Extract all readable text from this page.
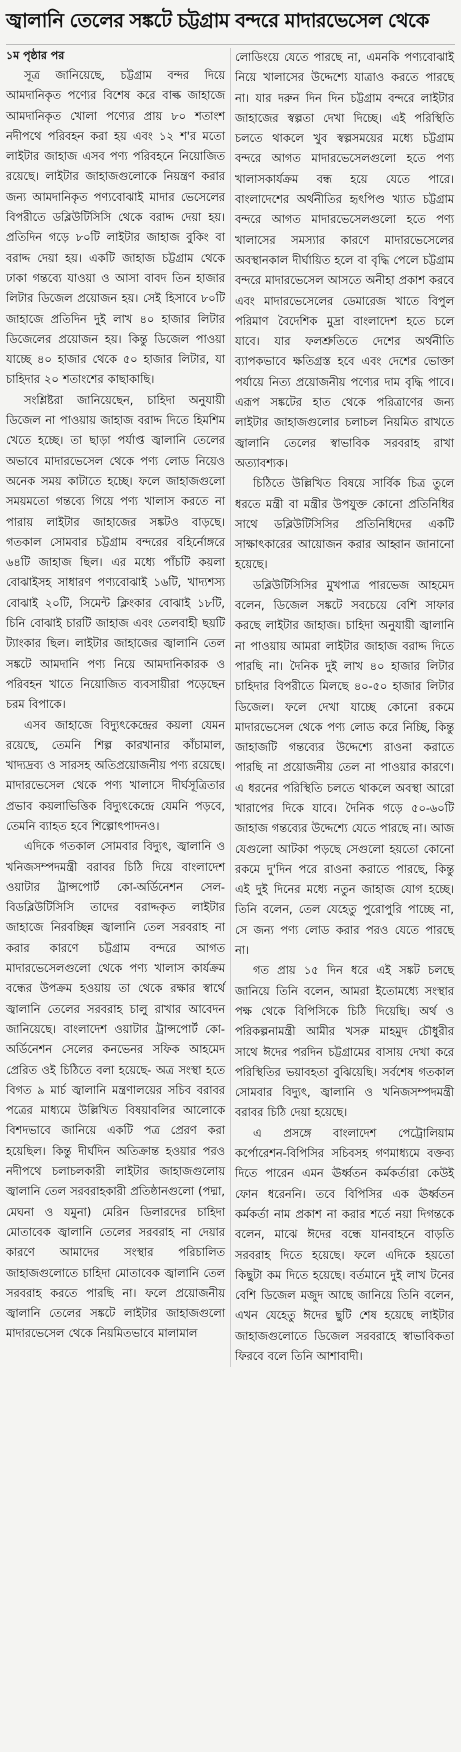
জ্বালানি তেলের সঙ্কটে চট্টগ্রাম বন্দরে মাদারভেসেল থেকে
১ম পৃষ্ঠার পর

সূত্র জানিয়েছে, চট্টগ্রাম বন্দর দিয়ে আমদানিকৃত পণ্যের বিশেষ করে বাল্ক জাহাজে আমদানিকৃত খোলা পণ্যের প্রায় ৮০ শতাংশ নদীপথে পরিবহন করা হয় এবং ১২ শ'র মতো লাইটার জাহাজ এসব পণ্য পরিবহনে নিয়োজিত রয়েছে। লাইটার জাহাজগুলোকে নিয়ন্ত্রণ করার জন্য আমদানিকৃত পণ্যবোঝাই মাদার ভেসেলের বিপরীতে ডব্লিউটিসিসি থেকে বরাদ্দ দেয়া হয়। প্রতিদিন গড়ে ৮০টি লাইটার জাহাজ বুকিং বা বরাদ্দ দেয়া হয়। একটি জাহাজ চট্টগ্রাম থেকে ঢাকা গন্তব্যে যাওয়া ও আসা বাবদ তিন হাজার লিটার ডিজেল প্রয়োজন হয়। সেই হিসাবে ৮০টি জাহাজে প্রতিদিন দুই লাখ ৪০ হাজার লিটার ডিজেলের প্রয়োজন হয়। কিন্তু ডিজেল পাওয়া যাচ্ছে ৪০ হাজার থেকে ৫০ হাজার লিটার, যা চাহিদার ২০ শতাংশের কাছাকাছি।

সংশ্লিষ্টরা জানিয়েছেন, চাহিদা অনুযায়ী ডিজেল না পাওয়ায় জাহাজ বরাদ্দ দিতে হিমশিম খেতে হচ্ছে। তা ছাড়া পর্যাপ্ত জ্বালানি তেলের অভাবে মাদারভেসেল থেকে পণ্য লোড নিয়েও অনেক সময় কাটাতে হচ্ছে। ফলে জাহাজগুলো সময়মতো গন্তব্যে গিয়ে পণ্য খালাস করতে না পারায় লাইটার জাহাজের সঙ্কটও বাড়ছে। গতকাল সোমবার চট্টগ্রাম বন্দরের বহির্নোঙ্গরে ৬৪টি জাহাজ ছিল। এর মধ্যে পাঁচটি কয়লা বোঝাইসহ সাধারণ পণ্যবোঝাই ১৬টি, খাদ্যশস্য বোঝাই ২০টি, সিমেন্ট ক্লিংকার বোঝাই ১৮টি, চিনি বোঝাই চারটি জাহাজ এবং তেলবাহী ছয়টি ট্যাংকার ছিল। লাইটার জাহাজের জ্বালানি তেল সঙ্কটে আমদানি পণ্য নিয়ে আমদানিকারক ও পরিবহন খাতে নিয়োজিত ব্যবসায়ীরা পড়েছেন চরম বিপাকে।

এসব জাহাজে বিদ্যুৎকেন্দ্রের কয়লা যেমন রয়েছে, তেমনি শিল্প কারখানার কাঁচামাল, খাদ্যদ্রব্য ও সারসহ অতিপ্রয়োজনীয় পণ্য রয়েছে। মাদারভেসেল থেকে পণ্য খালাসে দীর্ঘসূত্রিতার প্রভাব কয়লাভিত্তিক বিদ্যুৎকেন্দ্রে যেমনি পড়বে, তেমনি ব্যাহত হবে শিল্পোৎপাদনও।

এদিকে গতকাল সোমবার বিদ্যুৎ, জ্বালানি ও খনিজসম্পদমন্ত্রী বরাবর চিঠি দিয়ে বাংলাদেশ ওয়াটার ট্রান্সপোর্ট কো-অর্ডিনেশন সেল-বিডব্লিউটিসিসি তাদের বরাদ্দকৃত লাইটার জাহাজে নিরবচ্ছিন্ন জ্বালানি তেল সরবরাহ না করার কারণে চট্টগ্রাম বন্দরে আগত মাদারভেসেলগুলো থেকে পণ্য খালাস কার্যক্রম বন্ধের উপক্রম হওয়ায় তা থেকে রক্ষার স্বার্থে জ্বালানি তেলের সরবরাহ চালু রাখার আবেদন জানিয়েছে। বাংলাদেশ ওয়াটার ট্রান্সপোর্ট কো-অর্ডিনেশন সেলের কনভেনর সফিক আহমেদ প্রেরিত ওই চিঠিতে বলা হয়েছে- অত্র সংস্থা হতে বিগত ৯ মার্চ জ্বালানি মন্ত্রণালয়ের সচিব বরাবর পত্রের মাধ্যমে উল্লিখিত বিষয়াবলির আলোকে বিশদভাবে জানিয়ে একটি পত্র প্রেরণ করা হয়েছিল। কিন্তু দীর্ঘদিন অতিক্রান্ত হওয়ার পরও নদীপথে চলাচলকারী লাইটার জাহাজগুলোয় জ্বালানি তেল সরবরাহকারী প্রতিষ্ঠানগুলো (পদ্মা, মেঘনা ও যমুনা) মেরিন ডিলারদের চাহিদা মোতাবেক জ্বালানি তেলের সরবরাহ না দেয়ার কারণে আমাদের সংস্থার পরিচালিত জাহাজগুলোতে চাহিদা মোতাবেক জ্বালানি তেল সরবরাহ করতে পারছি না। ফলে প্রয়োজনীয় জ্বালানি তেলের সঙ্কটে লাইটার জাহাজগুলো মাদারভেসেল থেকে নিয়মিতভাবে মালামাল

লোডিংয়ে যেতে পারছে না, এমনকি পণ্যবোঝাই নিয়ে খালাসের উদ্দেশ্যে যাত্রাও করতে পারছে না। যার দরুন দিন দিন চট্টগ্রাম বন্দরে লাইটার জাহাজের স্বল্পতা দেখা দিচ্ছে। এই পরিস্থিতি চলতে থাকলে খুব স্বল্পসময়ের মধ্যে চট্টগ্রাম বন্দরে আগত মাদারভেসেলগুলো হতে পণ্য খালাসকার্যক্রম বন্ধ হয়ে যেতে পারে। বাংলাদেশের অর্থনীতির হৃৎপিণ্ড খ্যাত চট্টগ্রাম বন্দরে আগত মাদারভেসেলগুলো হতে পণ্য খালাসের সমস্যার কারণে মাদারভেসেলের অবস্থানকাল দীর্ঘায়িত হলে বা বৃদ্ধি পেলে চট্টগ্রাম বন্দরে মাদারভেসেল আসতে অনীহা প্রকাশ করবে এবং মাদারভেসেলের ডেমারেজ খাতে বিপুল পরিমাণ বৈদেশিক মুদ্রা বাংলাদেশ হতে চলে যাবে। যার ফলশ্রুতিতে দেশের অর্থনীতি ব্যাপকভাবে ক্ষতিগ্রস্ত হবে এবং দেশের ভোক্তা পর্যায়ে নিত্য প্রয়োজনীয় পণ্যের দাম বৃদ্ধি পাবে। এরূপ সঙ্কটের হাত থেকে পরিত্রাণের জন্য লাইটার জাহাজগুলোর চলাচল নিয়মিত রাখতে জ্বালানি তেলের স্বাভাবিক সরবরাহ রাখা অত্যাবশ্যক।

চিঠিতে উল্লিখিত বিষয়ে সার্বিক চিত্র তুলে ধরতে মন্ত্রী বা মন্ত্রীর উপযুক্ত কোনো প্রতিনিধির সাথে ডব্লিউটিসিসির প্রতিনিধিদের একটি সাক্ষাৎকারের আয়োজন করার আহ্বান জানানো হয়েছে।

ডব্লিউটিসিসির মুখপাত্র পারভেজ আহমেদ বলেন, ডিজেল সঙ্কটে সবচেয়ে বেশি সাফার করছে লাইটার জাহাজ। চাহিদা অনুযায়ী জ্বালানি না পাওয়ায় আমরা লাইটার জাহাজ বরাদ্দ দিতে পারছি না। দৈনিক দুই লাখ ৪০ হাজার লিটার চাহিদার বিপরীতে মিলছে ৪০-৫০ হাজার লিটার ডিজেল। ফলে দেখা যাচ্ছে কোনো রকমে মাদারভেসেল থেকে পণ্য লোড করে নিচ্ছি, কিন্তু জাহাজটি গন্তব্যের উদ্দেশ্যে রাওনা করাতে পারছি না প্রয়োজনীয় তেল না পাওয়ার কারণে। এ ধরনের পরিস্থিতি চলতে থাকলে অবস্থা আরো খারাপের দিকে যাবে। দৈনিক গড়ে ৫০-৬০টি জাহাজ গন্তব্যের উদ্দেশ্যে যেতে পারছে না। আজ যেগুলো আটকা পড়ছে সেগুলো হয়তো কোনো রকমে দু'দিন পরে রাওনা করাতে পারছে, কিন্তু এই দুই দিনের মধ্যে নতুন জাহাজ যোগ হচ্ছে। তিনি বলেন, তেল যেহেতু পুরোপুরি পাচ্ছে না, সে জন্য পণ্য লোড করার পরও যেতে পারছে না।

গত প্রায় ১৫ দিন ধরে এই সঙ্কট চলছে জানিয়ে তিনি বলেন, আমরা ইতোমধ্যে সংস্থার পক্ষ থেকে বিপিসিকে চিঠি দিয়েছি। অর্থ ও পরিকল্পনামন্ত্রী আমীর খসরু মাহমুদ চৌধুরীর সাথে ঈদের পরদিন চট্টগ্রামের বাসায় দেখা করে পরিস্থিতির ভয়াবহতা বুঝিয়েছি। সর্বশেষ গতকাল সোমবার বিদ্যুৎ, জ্বালানি ও খনিজসম্পদমন্ত্রী বরাবর চিঠি দেয়া হয়েছে।

এ প্রসঙ্গে বাংলাদেশ পেট্রোলিয়াম কর্পোরেশন-বিপিসির সচিবসহ গণমাধ্যমে বক্তব্য দিতে পারেন এমন ঊর্ধ্বতন কর্মকর্তারা কেউই ফোন ধরেননি। তবে বিপিসির এক ঊর্ধ্বতন কর্মকর্তা নাম প্রকাশ না করার শর্তে নয়া দিগন্তকে বলেন, মাঝে ঈদের বন্ধে যানবাহনে বাড়তি সরবরাহ দিতে হয়েছে। ফলে এদিকে হয়তো কিছুটা কম দিতে হয়েছে। বর্তমানে দুই লাখ টনের বেশি ডিজেল মজুদ আছে জানিয়ে তিনি বলেন, এখন যেহেতু ঈদের ছুটি শেষ হয়েছে লাইটার জাহাজগুলোতে ডিজেল সরবরাহে স্বাভাবিকতা ফিরবে বলে তিনি আশাবাদী।
